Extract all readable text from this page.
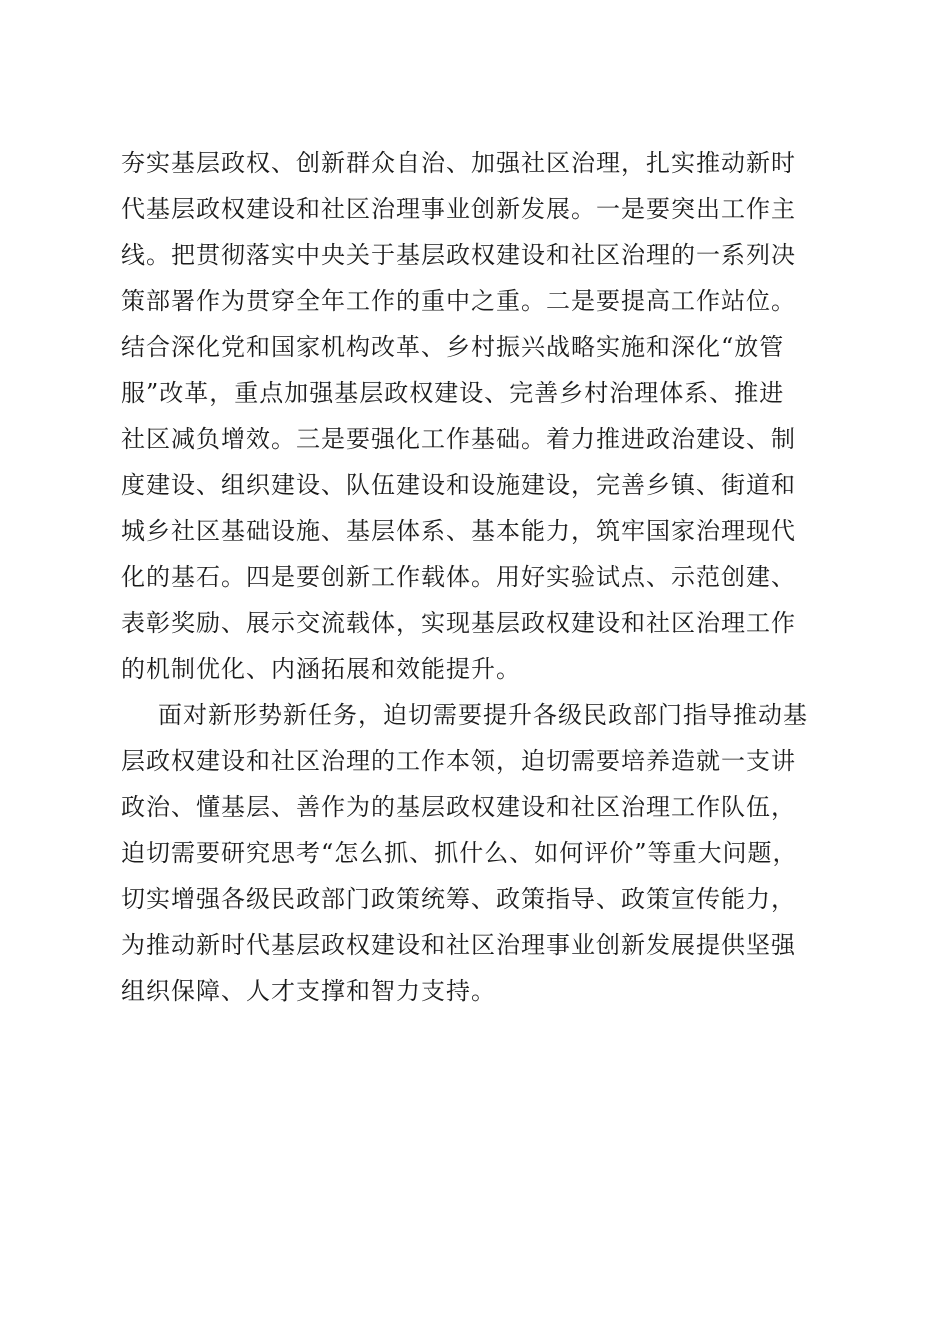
夯实基层政权、创新群众自治、加强社区治理，扎实推动新时
代基层政权建设和社区治理事业创新发展。一是要突出工作主
线。把贯彻落实中央关于基层政权建设和社区治理的一系列决
策部署作为贯穿全年工作的重中之重。二是要提高工作站位。
结合深化党和国家机构改革、乡村振兴战略实施和深化“放管
服”改革，重点加强基层政权建设、完善乡村治理体系、推进
社区减负增效。三是要强化工作基础。着力推进政治建设、制
度建设、组织建设、队伍建设和设施建设，完善乡镇、街道和
城乡社区基础设施、基层体系、基本能力，筑牢国家治理现代
化的基石。四是要创新工作载体。用好实验试点、示范创建、
表彰奖励、展示交流载体，实现基层政权建设和社区治理工作
的机制优化、内涵拓展和效能提升。
面对新形势新任务，迫切需要提升各级民政部门指导推动基
层政权建设和社区治理的工作本领，迫切需要培养造就一支讲
政治、懂基层、善作为的基层政权建设和社区治理工作队伍，
迫切需要研究思考“怎么抓、抓什么、如何评价”等重大问题，
切实增强各级民政部门政策统筹、政策指导、政策宣传能力，
为推动新时代基层政权建设和社区治理事业创新发展提供坚强
组织保障、人才支撑和智力支持。
